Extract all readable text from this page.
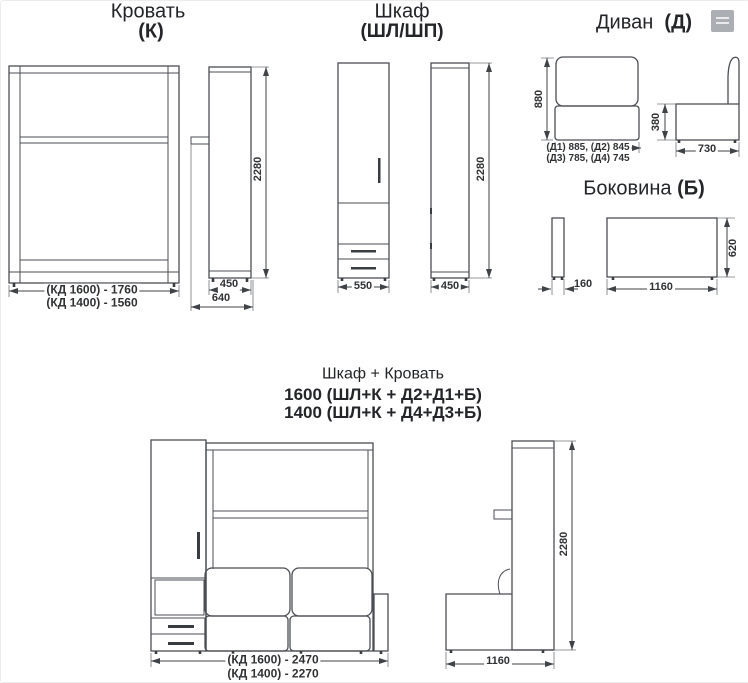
Кровать
(К)
Шкаф
(ШЛ/ШП)	Диван (Д)
Боковина (Б)
Шкаф + Кровать
1600 (ШЛ+К + Д2+Д1+Б)
1400 (ШЛ+К + Д4+Д3+Б)
(КД 1600) - 1760
(КД 1400) - 1560
450
640
2280
550	450
2280
880
(Д1) 885, (Д2) 845
(Д3) 785, (Д4) 745
380
730
160	1160
620
(КД 1600) - 2470
(КД 1400) - 2270
1160
2280
